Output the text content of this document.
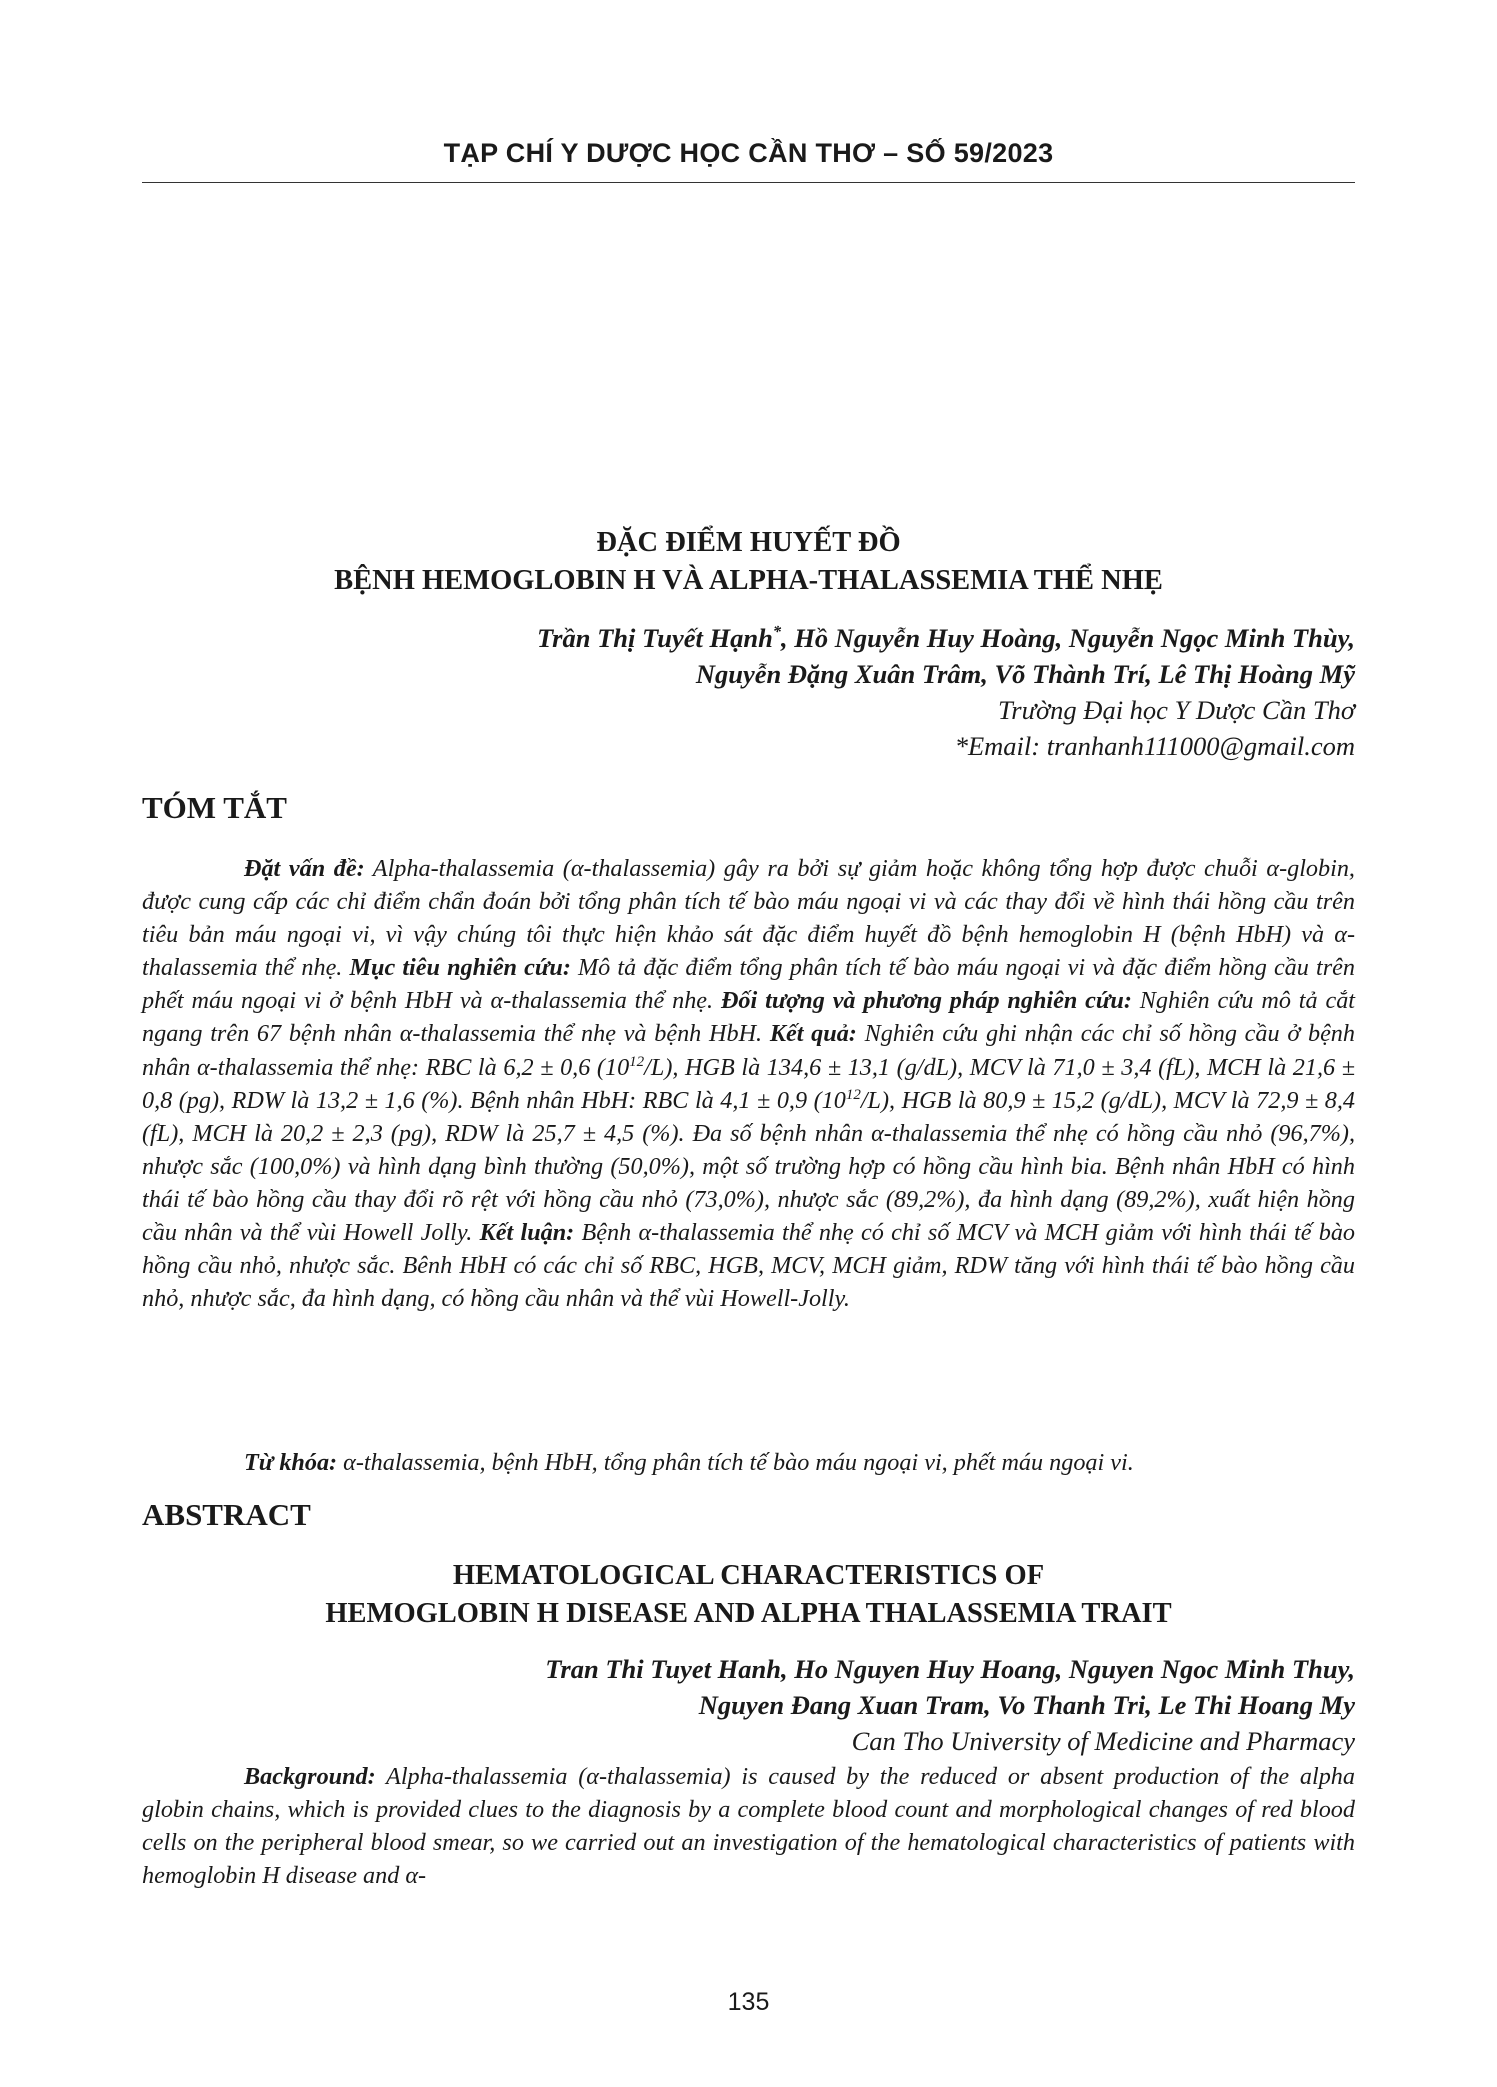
TẠP CHÍ Y DƯỢC HỌC CẦN THƠ – SỐ 59/2023
ĐẶC ĐIỂM HUYẾT ĐỒ
BỆNH HEMOGLOBIN H VÀ ALPHA-THALASSEMIA THỂ NHẸ
Trần Thị Tuyết Hạnh*, Hồ Nguyễn Huy Hoàng, Nguyễn Ngọc Minh Thùy,
Nguyễn Đặng Xuân Trâm, Võ Thành Trí, Lê Thị Hoàng Mỹ
Trường Đại học Y Dược Cần Thơ
*Email: tranhanh111000@gmail.com
TÓM TẮT
Đặt vấn đề: Alpha-thalassemia (α-thalassemia) gây ra bởi sự giảm hoặc không tổng hợp được chuỗi α-globin, được cung cấp các chỉ điểm chẩn đoán bởi tổng phân tích tế bào máu ngoại vi và các thay đổi về hình thái hồng cầu trên tiêu bản máu ngoại vi, vì vậy chúng tôi thực hiện khảo sát đặc điểm huyết đồ bệnh hemoglobin H (bệnh HbH) và α-thalassemia thể nhẹ. Mục tiêu nghiên cứu: Mô tả đặc điểm tổng phân tích tế bào máu ngoại vi và đặc điểm hồng cầu trên phết máu ngoại vi ở bệnh HbH và α-thalassemia thể nhẹ. Đối tượng và phương pháp nghiên cứu: Nghiên cứu mô tả cắt ngang trên 67 bệnh nhân α-thalassemia thể nhẹ và bệnh HbH. Kết quả: Nghiên cứu ghi nhận các chỉ số hồng cầu ở bệnh nhân α-thalassemia thể nhẹ: RBC là 6,2 ± 0,6 $(10^{12}/L)$, HGB là 134,6 ± 13,1 (g/dL), MCV là 71,0 ± 3,4 (fL), MCH là 21,6 ± 0,8 (pg), RDW là 13,2 ± 1,6 (%). Bệnh nhân HbH: RBC là 4,1 ± 0,9 $(10^{12}/L)$, HGB là 80,9 ± 15,2 (g/dL), MCV là 72,9 ± 8,4 (fL), MCH là 20,2 ± 2,3 (pg), RDW là 25,7 ± 4,5 (%). Đa số bệnh nhân α-thalassemia thể nhẹ có hồng cầu nhỏ (96,7%), nhược sắc (100,0%) và hình dạng bình thường (50,0%), một số trường hợp có hồng cầu hình bia. Bệnh nhân HbH có hình thái tế bào hồng cầu thay đổi rõ rệt với hồng cầu nhỏ (73,0%), nhược sắc (89,2%), đa hình dạng (89,2%), xuất hiện hồng cầu nhân và thể vùi Howell Jolly. Kết luận: Bệnh α-thalassemia thể nhẹ có chỉ số MCV và MCH giảm với hình thái tế bào hồng cầu nhỏ, nhược sắc. Bênh HbH có các chỉ số RBC, HGB, MCV, MCH giảm, RDW tăng với hình thái tế bào hồng cầu nhỏ, nhược sắc, đa hình dạng, có hồng cầu nhân và thể vùi Howell-Jolly.
Từ khóa: α-thalassemia, bệnh HbH, tổng phân tích tế bào máu ngoại vi, phết máu ngoại vi.
ABSTRACT
HEMATOLOGICAL CHARACTERISTICS OF
HEMOGLOBIN H DISEASE AND ALPHA THALASSEMIA TRAIT
Tran Thi Tuyet Hanh, Ho Nguyen Huy Hoang, Nguyen Ngoc Minh Thuy,
Nguyen Đang Xuan Tram, Vo Thanh Tri, Le Thi Hoang My
Can Tho University of Medicine and Pharmacy
Background: Alpha-thalassemia (α-thalassemia) is caused by the reduced or absent production of the alpha globin chains, which is provided clues to the diagnosis by a complete blood count and morphological changes of red blood cells on the peripheral blood smear, so we carried out an investigation of the hematological characteristics of patients with hemoglobin H disease and α-
135
